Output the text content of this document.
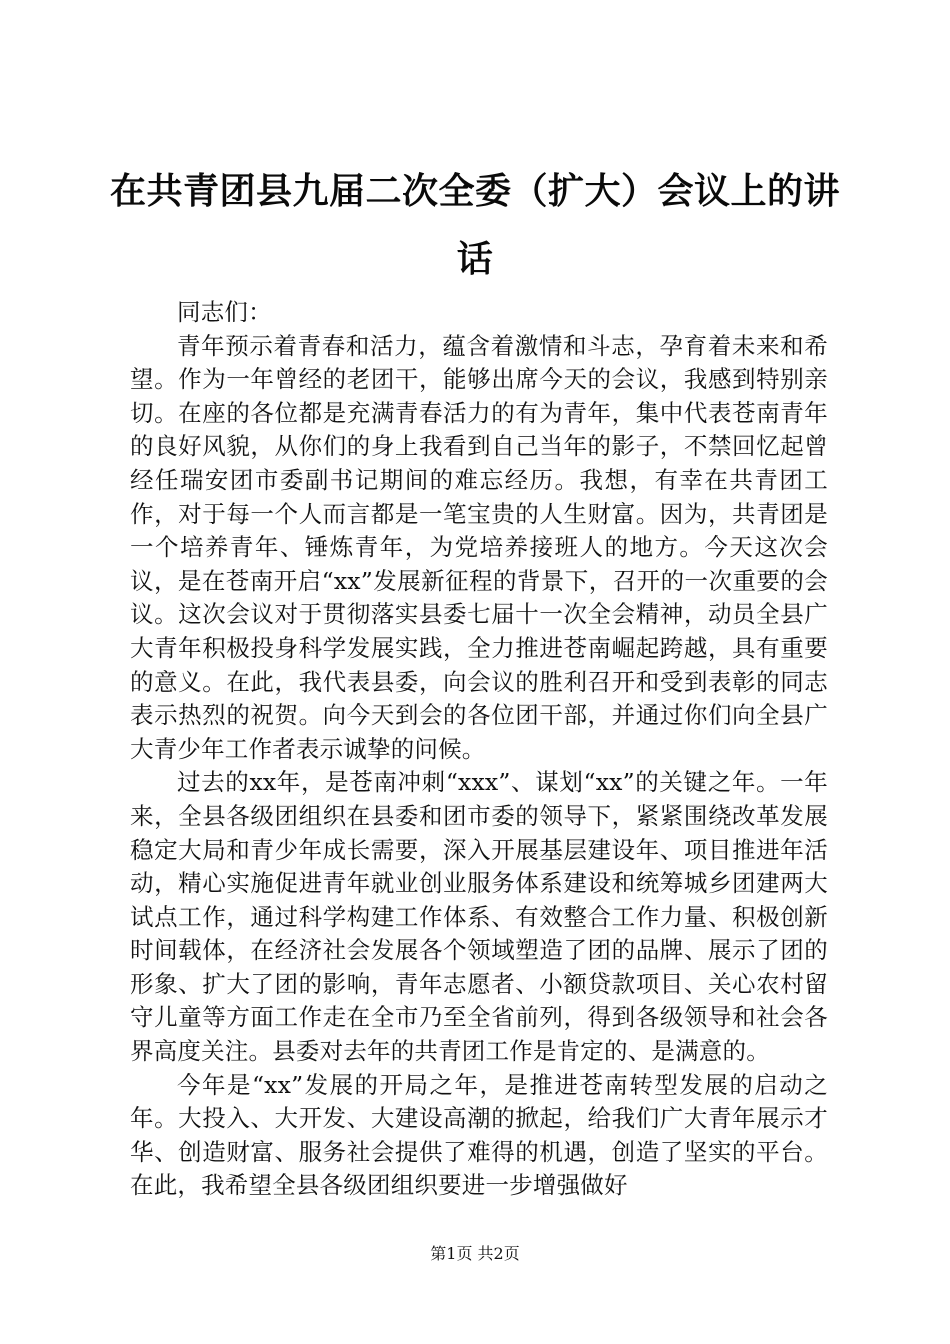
在共青团县九届二次全委（扩大）会议上的讲话

同志们：

青年预示着青春和活力，蕴含着激情和斗志，孕育着未来和希望。作为一年曾经的老团干，能够出席今天的会议，我感到特别亲切。在座的各位都是充满青春活力的有为青年，集中代表苍南青年的良好风貌，从你们的身上我看到自己当年的影子，不禁回忆起曾经任瑞安团市委副书记期间的难忘经历。我想，有幸在共青团工作，对于每一个人而言都是一笔宝贵的人生财富。因为，共青团是一个培养青年、锤炼青年，为党培养接班人的地方。今天这次会议，是在苍南开启“xx”发展新征程的背景下，召开的一次重要的会议。这次会议对于贯彻落实县委七届十一次全会精神，动员全县广大青年积极投身科学发展实践，全力推进苍南崛起跨越，具有重要的意义。在此，我代表县委，向会议的胜利召开和受到表彰的同志表示热烈的祝贺。向今天到会的各位团干部，并通过你们向全县广大青少年工作者表示诚挚的问候。

过去的xx年，是苍南冲刺“xxx”、谋划“xx”的关键之年。一年来，全县各级团组织在县委和团市委的领导下，紧紧围绕改革发展稳定大局和青少年成长需要，深入开展基层建设年、项目推进年活动，精心实施促进青年就业创业服务体系建设和统筹城乡团建两大试点工作，通过科学构建工作体系、有效整合工作力量、积极创新时间载体，在经济社会发展各个领域塑造了团的品牌、展示了团的形象、扩大了团的影响，青年志愿者、小额贷款项目、关心农村留守儿童等方面工作走在全市乃至全省前列，得到各级领导和社会各界高度关注。县委对去年的共青团工作是肯定的、是满意的。

今年是“xx”发展的开局之年，是推进苍南转型发展的启动之年。大投入、大开发、大建设高潮的掀起，给我们广大青年展示才华、创造财富、服务社会提供了难得的机遇，创造了坚实的平台。在此，我希望全县各级团组织要进一步增强做好

第1页 共2页
